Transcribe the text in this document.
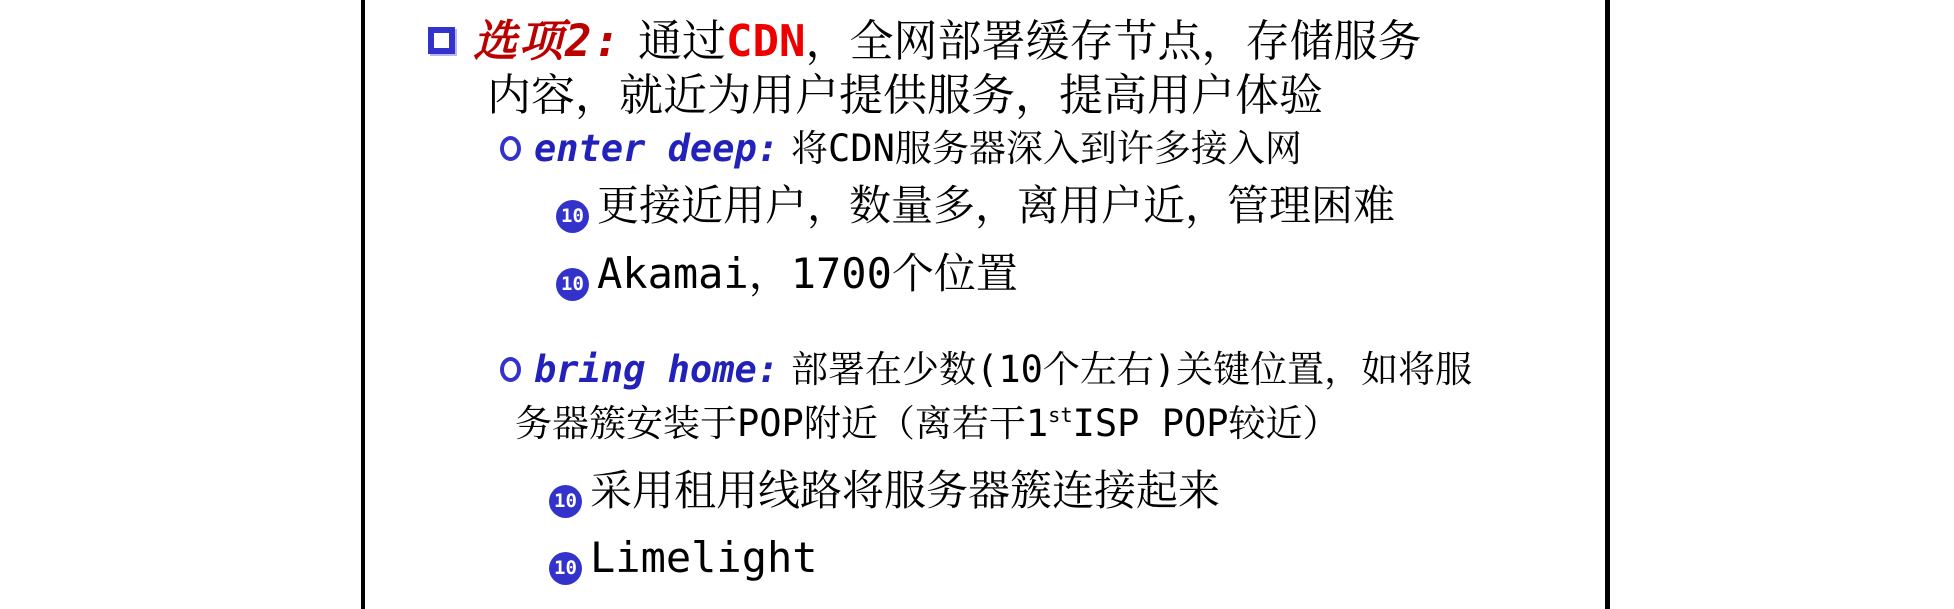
选项2: 通过CDN，全网部署缓存节点，存储服务
内容，就近为用户提供服务，提高用户体验
enter deep: 将CDN服务器深入到许多接入网
10 更接近用户，数量多，离用户近，管理困难
10 Akamai，1700个位置
bring home: 部署在少数(10个左右)关键位置，如将服
务器簇安装于POP附近（离若干1stISP POP较近）
10 采用租用线路将服务器簇连接起来
10 Limelight
